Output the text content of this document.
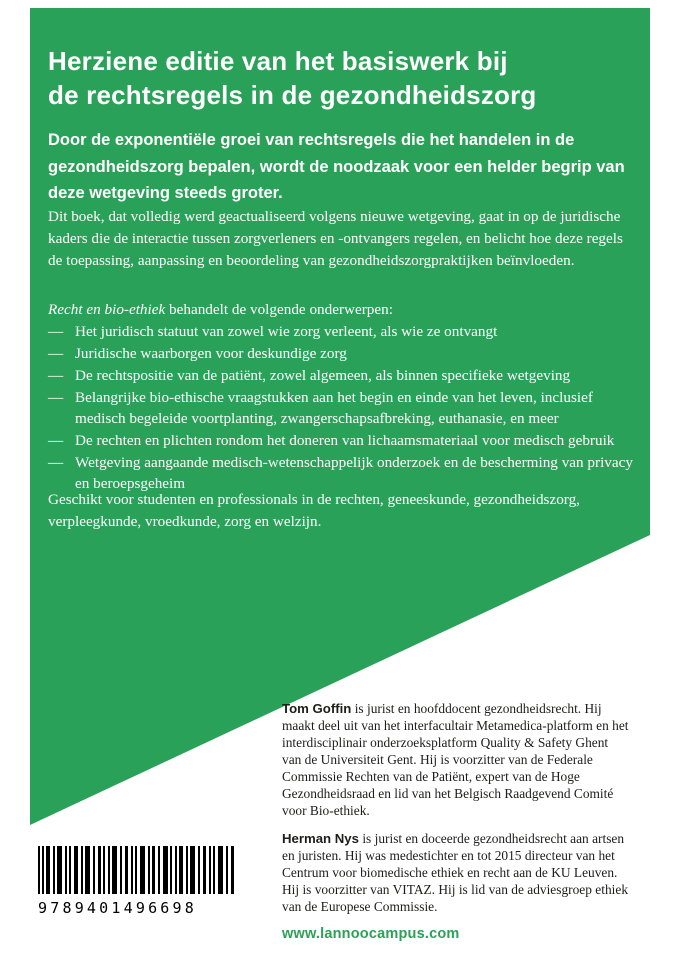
Herziene editie van het basiswerk bij
de rechtsregels in de gezondheidszorg
Door de exponentiële groei van rechtsregels die het handelen in de gezondheidszorg bepalen, wordt de noodzaak voor een helder begrip van deze wetgeving steeds groter.
Dit boek, dat volledig werd geactualiseerd volgens nieuwe wetgeving, gaat in op de juridische kaders die de interactie tussen zorgverleners en -ontvangers regelen, en belicht hoe deze regels de toepassing, aanpassing en beoordeling van gezondheidszorgpraktijken beïnvloeden.
Recht en bio-ethiek behandelt de volgende onderwerpen:
— Het juridisch statuut van zowel wie zorg verleent, als wie ze ontvangt
— Juridische waarborgen voor deskundige zorg
— De rechtspositie van de patiënt, zowel algemeen, als binnen specifieke wetgeving
— Belangrijke bio-ethische vraagstukken aan het begin en einde van het leven, inclusief medisch begeleide voortplanting, zwangerschapsafbreking, euthanasie, en meer
— De rechten en plichten rondom het doneren van lichaamsmateriaal voor medisch gebruik
— Wetgeving aangaande medisch-wetenschappelijk onderzoek en de bescherming van privacy en beroepsgeheim
Geschikt voor studenten en professionals in de rechten, geneeskunde, gezondheidszorg, verpleegkunde, vroedkunde, zorg en welzijn.

Tom Goffin is jurist en hoofddocent gezondheidsrecht. Hij maakt deel uit van het interfacultair Metamedica-platform en het interdisciplinair onderzoeksplatform Quality & Safety Ghent van de Universiteit Gent. Hij is voorzitter van de Federale Commissie Rechten van de Patiënt, expert van de Hoge Gezondheidsraad en lid van het Belgisch Raadgevend Comité voor Bio-ethiek.

Herman Nys is jurist en doceerde gezondheidsrecht aan artsen en juristen. Hij was medestichter en tot 2015 directeur van het Centrum voor biomedische ethiek en recht aan de KU Leuven. Hij is voorzitter van VITAZ. Hij is lid van de adviesgroep ethiek van de Europese Commissie.

www.lannoocampus.com
9789401496698
